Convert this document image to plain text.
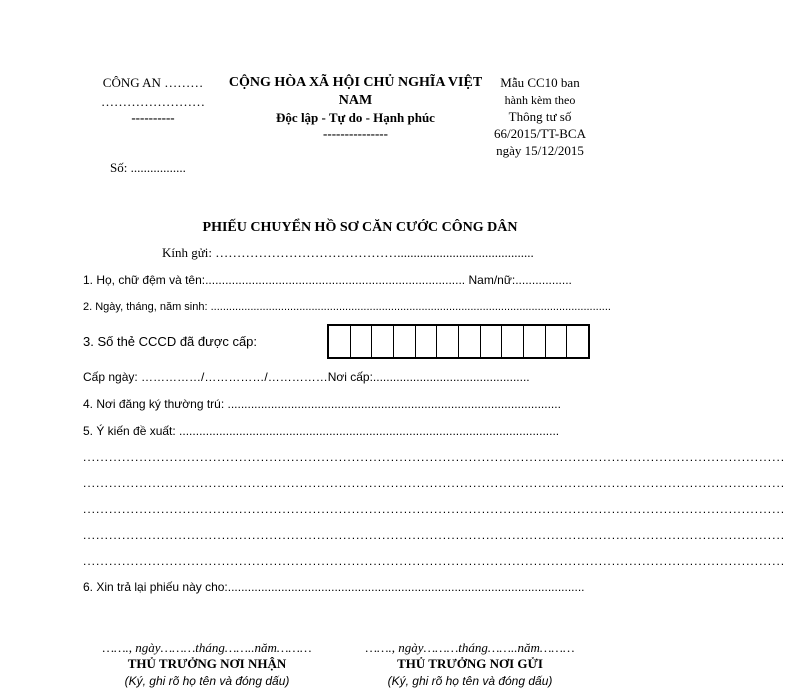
CÔNG AN ………
……………………
----------
Số: .................
CỘNG HÒA XÃ HỘI CHỦ NGHĨA VIỆT
NAM
Độc lập - Tự do - Hạnh phúc
---------------
Mẫu CC10 ban
hành kèm theo
Thông tư số
66/2015/TT-BCA
ngày 15/12/2015
PHIẾU CHUYỂN HỒ SƠ CĂN CƯỚC CÔNG DÂN
Kính gửi: ……………………………………..........................................
1. Họ, chữ đệm và tên:.............................................................................. Nam/nữ:.................
2. Ngày, tháng, năm sinh: ...................................................................................................................................
3. Số thẻ CCCD đã được cấp:
Cấp ngày: ……………/……………/……………Nơi cấp:...............................................
4. Nơi đăng ký thường trú: ....................................................................................................
5. Ý kiến đề xuất: ..................................................................................................................
..................................................................................................................................................................
..................................................................................................................................................................
..................................................................................................................................................................
..................................................................................................................................................................
..................................................................................................................................................................
6. Xin trả lại phiếu này cho:...........................................................................................................
……., ngày………tháng……..năm………
THỦ TRƯỞNG NƠI NHẬN
(Ký, ghi rõ họ tên và đóng dấu)
……., ngày………tháng……..năm………
THỦ TRƯỞNG NƠI GỬI
(Ký, ghi rõ họ tên và đóng dấu)
